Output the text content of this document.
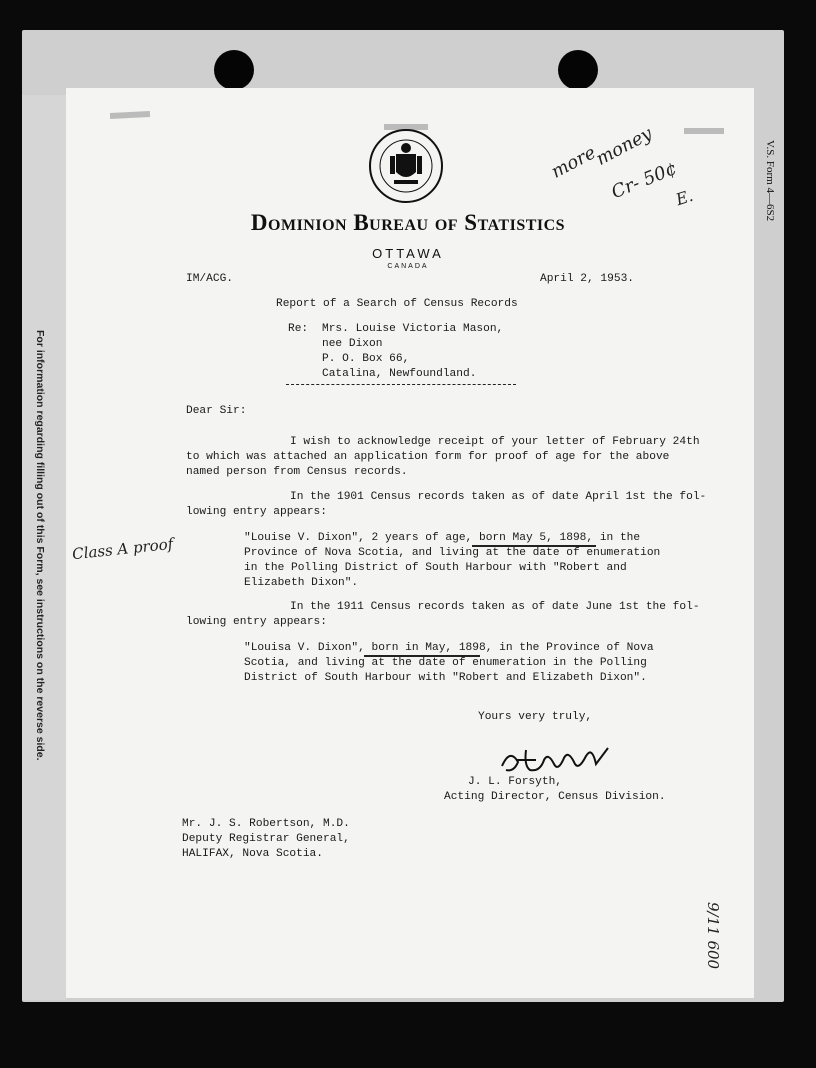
For information regarding filling out of this Form, see instructions on the reverse side.
V.S. Form 4—6S2
Dominion Bureau of Statistics
OTTAWA
CANADA
more
money
Cr- 50¢
E.
Class A proof
9/11 600
IM/ACG.	April 2, 1953.
Report of a Search of Census Records
Re: Mrs. Louise Victoria Mason,
nee Dixon
P. O. Box 66,
Catalina, Newfoundland.
Dear Sir:
I wish to acknowledge receipt of your letter of February 24th
to which was attached an application form for proof of age for the above
named person from Census records.
In the 1901 Census records taken as of date April 1st the fol-
lowing entry appears:
"Louise V. Dixon", 2 years of age, born May 5, 1898, in the
Province of Nova Scotia, and living at the date of enumeration
in the Polling District of South Harbour with "Robert and
Elizabeth Dixon".
In the 1911 Census records taken as of date June 1st the fol-
lowing entry appears:
"Louisa V. Dixon", born in May, 1898, in the Province of Nova
Scotia, and living at the date of enumeration in the Polling
District of South Harbour with "Robert and Elizabeth Dixon".
Yours very truly,
J. L. Forsyth,
Acting Director, Census Division.
Mr. J. S. Robertson, M.D.
Deputy Registrar General,
HALIFAX, Nova Scotia.
